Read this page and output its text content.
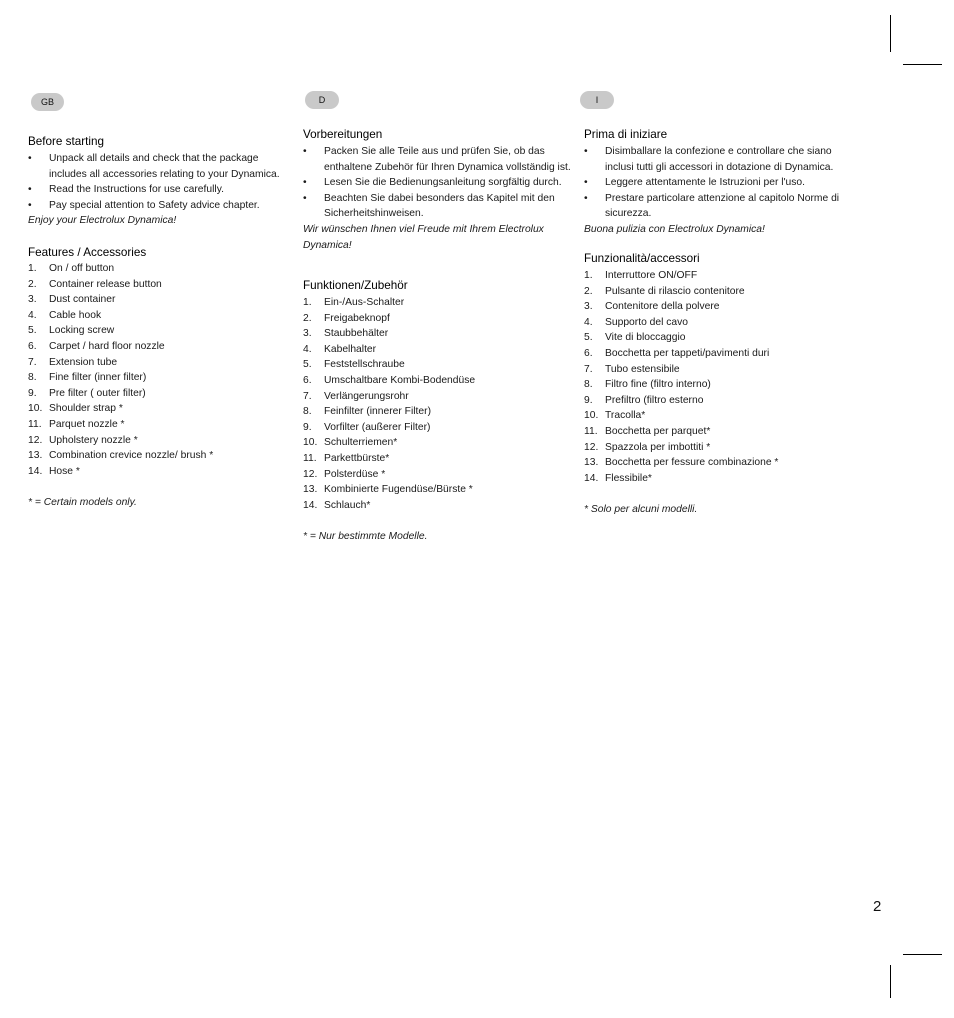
GB	D	I
Before starting
• Unpack all details and check that the package includes all accessories relating to your Dynamica.
• Read the Instructions for use carefully.
• Pay special attention to Safety advice chapter.
Enjoy your Electrolux Dynamica!
Features / Accessories
1. On / off button
2. Container release button
3. Dust container
4. Cable hook
5. Locking screw
6. Carpet / hard floor nozzle
7. Extension tube
8. Fine filter (inner filter)
9. Pre filter ( outer filter)
10. Shoulder strap *
11. Parquet nozzle *
12. Upholstery nozzle *
13. Combination crevice nozzle/ brush *
14. Hose *
* = Certain models only.
Vorbereitungen
• Packen Sie alle Teile aus und prüfen Sie, ob das enthaltene Zubehör für Ihren Dynamica vollständig ist.
• Lesen Sie die Bedienungsanleitung sorgfältig durch.
• Beachten Sie dabei besonders das Kapitel mit den Sicherheitshinweisen.
Wir wünschen Ihnen viel Freude mit Ihrem Electrolux Dynamica!
Funktionen/Zubehör
1. Ein-/Aus-Schalter
2. Freigabeknopf
3. Staubbehälter
4. Kabelhalter
5. Feststellschraube
6. Umschaltbare Kombi-Bodendüse
7. Verlängerungsrohr
8. Feinfilter (innerer Filter)
9. Vorfilter (außerer Filter)
10. Schulterriemen*
11. Parkettbürste*
12. Polsterdüse *
13. Kombinierte Fugendüse/Bürste *
14. Schlauch*
* = Nur bestimmte Modelle.
Prima di iniziare
• Disimballare la confezione e controllare che siano inclusi tutti gli accessori in dotazione di Dynamica.
• Leggere attentamente le Istruzioni per l'uso.
• Prestare particolare attenzione al capitolo Norme di sicurezza.
Buona pulizia con Electrolux Dynamica!
Funzionalità/accessori
1. Interruttore ON/OFF
2. Pulsante di rilascio contenitore
3. Contenitore della polvere
4. Supporto del cavo
5. Vite di bloccaggio
6. Bocchetta per tappeti/pavimenti duri
7. Tubo estensibile
8. Filtro fine (filtro interno)
9. Prefiltro (filtro esterno
10. Tracolla*
11. Bocchetta per parquet*
12. Spazzola per imbottiti *
13. Bocchetta per fessure combinazione *
14. Flessibile*
* Solo per alcuni modelli.
2
